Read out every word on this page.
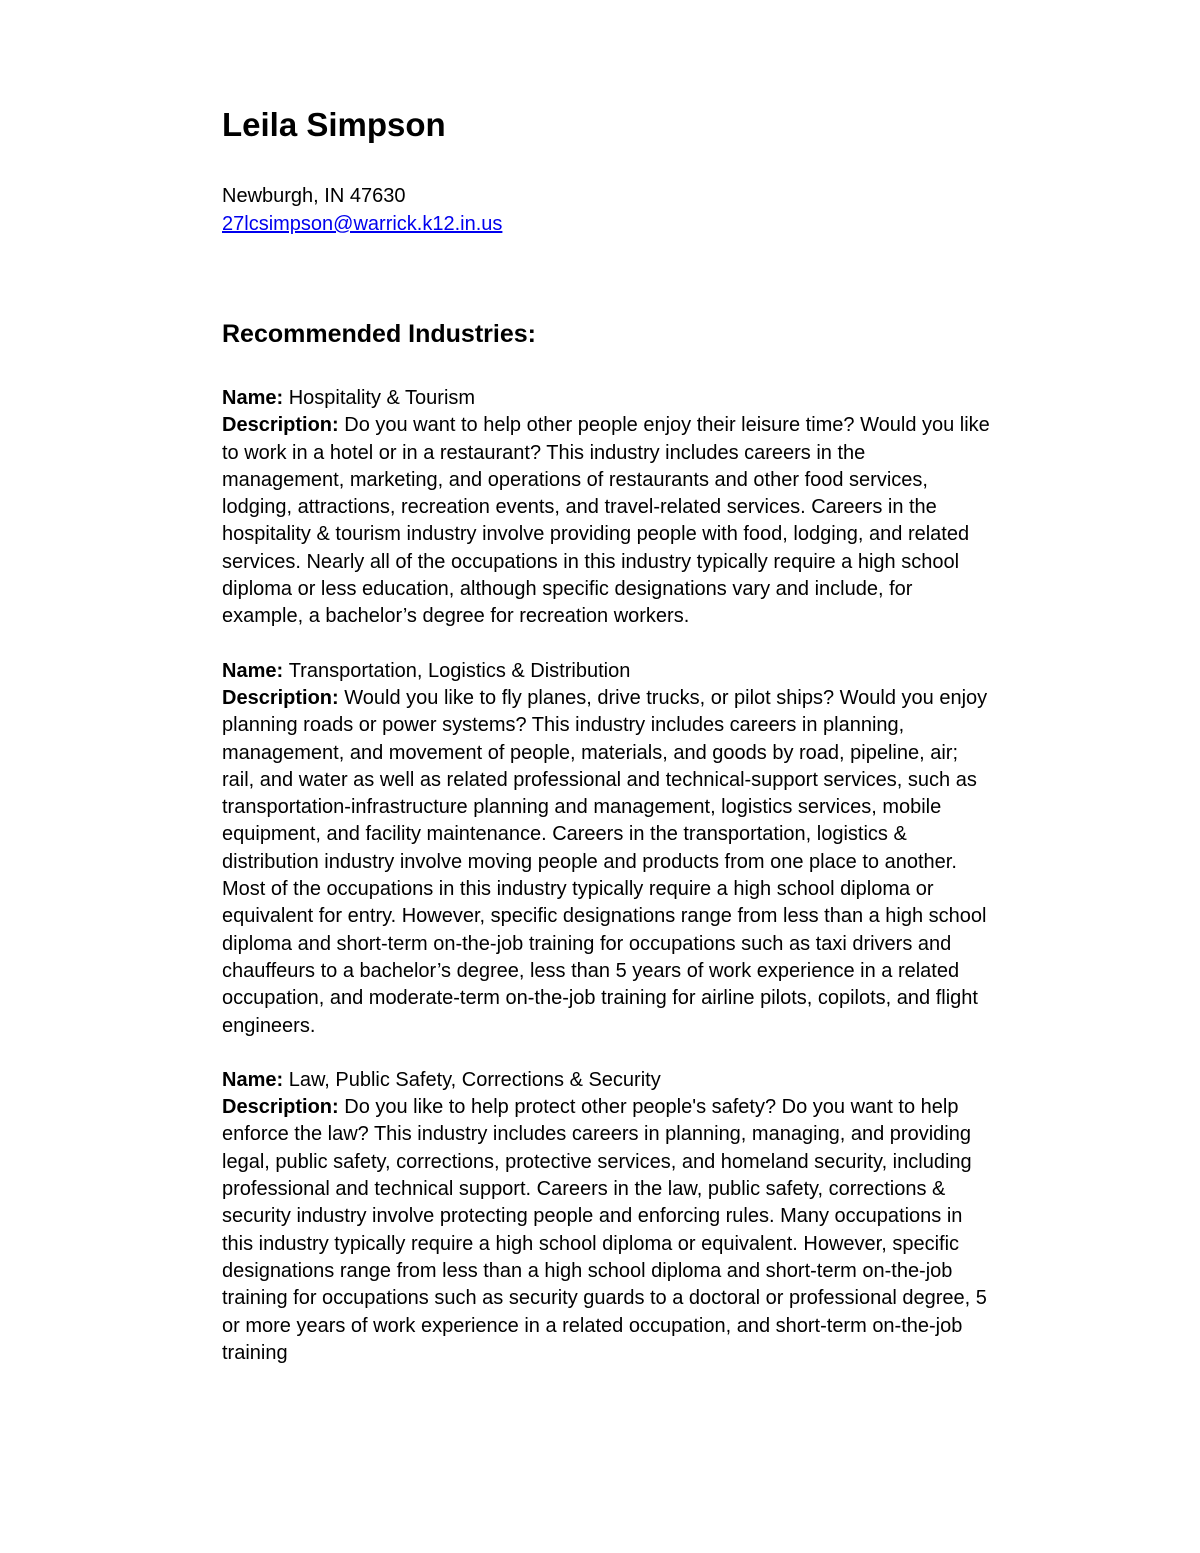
Leila Simpson
Newburgh, IN 47630
27lcsimpson@warrick.k12.in.us
Recommended Industries:

Name: Hospitality & Tourism

Description: Do you want to help other people enjoy their leisure time? Would you like to work in a hotel or in a restaurant? This industry includes careers in the management, marketing, and operations of restaurants and other food services, lodging, attractions, recreation events, and travel-related services. Careers in the hospitality & tourism industry involve providing people with food, lodging, and related services. Nearly all of the occupations in this industry typically require a high school diploma or less education, although specific designations vary and include, for example, a bachelor’s degree for recreation workers.

Name: Transportation, Logistics & Distribution

Description: Would you like to fly planes, drive trucks, or pilot ships? Would you enjoy planning roads or power systems? This industry includes careers in planning, management, and movement of people, materials, and goods by road, pipeline, air; rail, and water as well as related professional and technical-support services, such as transportation-infrastructure planning and management, logistics services, mobile equipment, and facility maintenance. Careers in the transportation, logistics & distribution industry involve moving people and products from one place to another. Most of the occupations in this industry typically require a high school diploma or equivalent for entry. However, specific designations range from less than a high school diploma and short-term on-the-job training for occupations such as taxi drivers and chauffeurs to a bachelor’s degree, less than 5 years of work experience in a related occupation, and moderate-term on-the-job training for airline pilots, copilots, and flight engineers.

Name: Law, Public Safety, Corrections & Security

Description: Do you like to help protect other people's safety? Do you want to help enforce the law? This industry includes careers in planning, managing, and providing legal, public safety, corrections, protective services, and homeland security, including professional and technical support. Careers in the law, public safety, corrections & security industry involve protecting people and enforcing rules. Many occupations in this industry typically require a high school diploma or equivalent. However, specific designations range from less than a high school diploma and short-term on-the-job training for occupations such as security guards to a doctoral or professional degree, 5 or more years of work experience in a related occupation, and short-term on-the-job training
